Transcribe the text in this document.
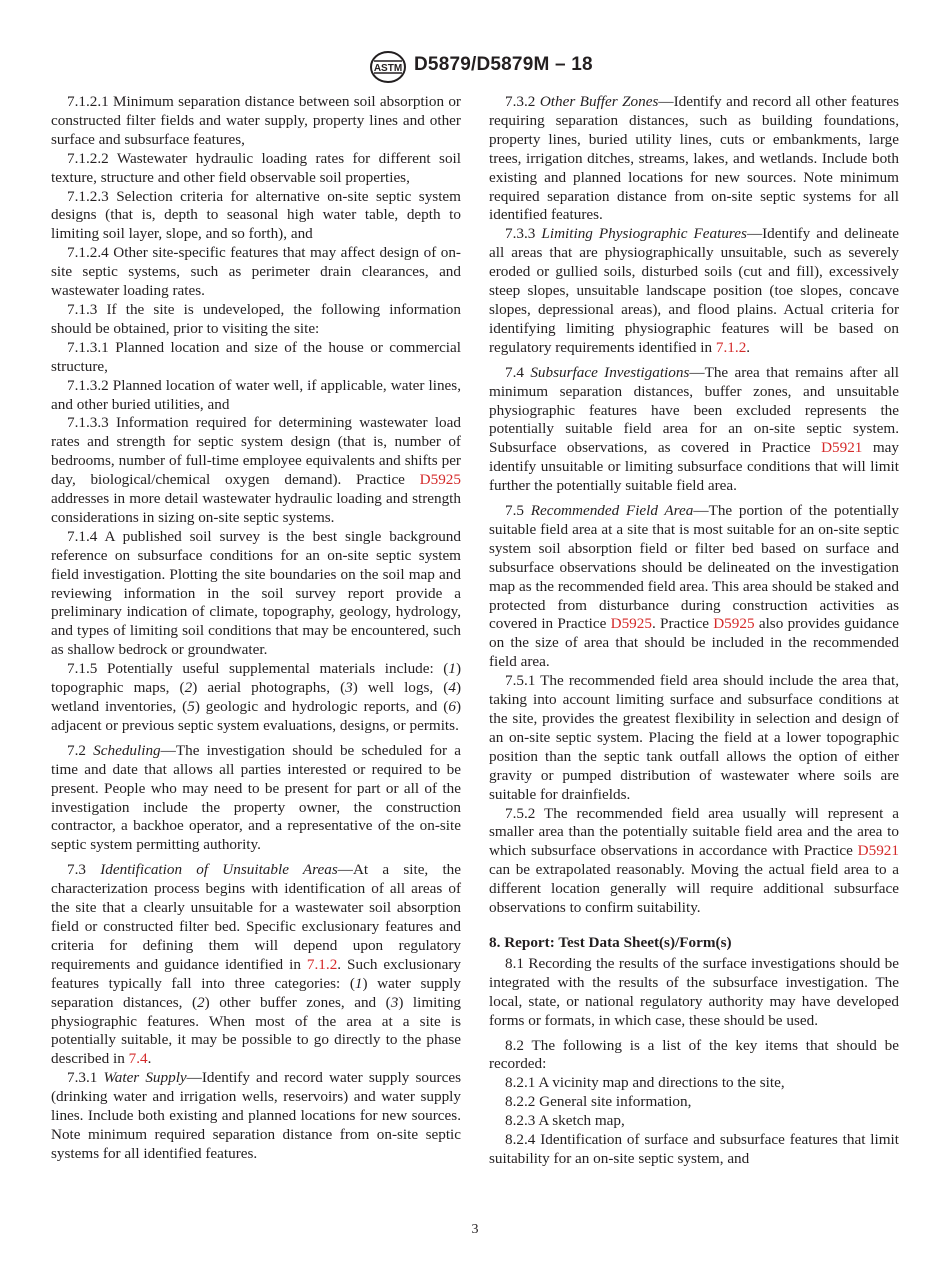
ASTM D5879/D5879M – 18

7.1.2.1 Minimum separation distance between soil absorption or constructed filter fields and water supply, property lines and other surface and subsurface features,

7.1.2.2 Wastewater hydraulic loading rates for different soil texture, structure and other field observable soil properties,

7.1.2.3 Selection criteria for alternative on-site septic system designs (that is, depth to seasonal high water table, depth to limiting soil layer, slope, and so forth), and

7.1.2.4 Other site-specific features that may affect design of on-site septic systems, such as perimeter drain clearances, and wastewater loading rates.

7.1.3 If the site is undeveloped, the following information should be obtained, prior to visiting the site:

7.1.3.1 Planned location and size of the house or commercial structure,

7.1.3.2 Planned location of water well, if applicable, water lines, and other buried utilities, and

7.1.3.3 Information required for determining wastewater load rates and strength for septic system design (that is, number of bedrooms, number of full-time employee equivalents and shifts per day, biological/chemical oxygen demand). Practice D5925 addresses in more detail wastewater hydraulic loading and strength considerations in sizing on-site septic systems.

7.1.4 A published soil survey is the best single background reference on subsurface conditions for an on-site septic system field investigation. Plotting the site boundaries on the soil map and reviewing information in the soil survey report provide a preliminary indication of climate, topography, geology, hydrology, and types of limiting soil conditions that may be encountered, such as shallow bedrock or groundwater.

7.1.5 Potentially useful supplemental materials include: (1) topographic maps, (2) aerial photographs, (3) well logs, (4) wetland inventories, (5) geologic and hydrologic reports, and (6) adjacent or previous septic system evaluations, designs, or permits.

7.2 Scheduling—The investigation should be scheduled for a time and date that allows all parties interested or required to be present. People who may need to be present for part or all of the investigation include the property owner, the construction contractor, a backhoe operator, and a representative of the on-site septic system permitting authority.

7.3 Identification of Unsuitable Areas—At a site, the characterization process begins with identification of all areas of the site that a clearly unsuitable for a wastewater soil absorption field or constructed filter bed. Specific exclusionary features and criteria for defining them will depend upon regulatory requirements and guidance identified in 7.1.2. Such exclusionary features typically fall into three categories: (1) water supply separation distances, (2) other buffer zones, and (3) limiting physiographic features. When most of the area at a site is potentially suitable, it may be possible to go directly to the phase described in 7.4.

7.3.1 Water Supply—Identify and record water supply sources (drinking water and irrigation wells, reservoirs) and water supply lines. Include both existing and planned locations for new sources. Note minimum required separation distance from on-site septic systems for all identified features.

7.3.2 Other Buffer Zones—Identify and record all other features requiring separation distances, such as building foundations, property lines, buried utility lines, cuts or embankments, large trees, irrigation ditches, streams, lakes, and wetlands. Include both existing and planned locations for new sources. Note minimum required separation distance from on-site septic systems for all identified features.

7.3.3 Limiting Physiographic Features—Identify and delineate all areas that are physiographically unsuitable, such as severely eroded or gullied soils, disturbed soils (cut and fill), excessively steep slopes, unsuitable landscape position (toe slopes, concave slopes, depressional areas), and flood plains. Actual criteria for identifying limiting physiographic features will be based on regulatory requirements identified in 7.1.2.

7.4 Subsurface Investigations—The area that remains after all minimum separation distances, buffer zones, and unsuitable physiographic features have been excluded represents the potentially suitable field area for an on-site septic system. Subsurface observations, as covered in Practice D5921 may identify unsuitable or limiting subsurface conditions that will limit further the potentially suitable field area.

7.5 Recommended Field Area—The portion of the potentially suitable field area at a site that is most suitable for an on-site septic system soil absorption field or filter bed based on surface and subsurface observations should be delineated on the investigation map as the recommended field area. This area should be staked and protected from disturbance during construction activities as covered in Practice D5925. Practice D5925 also provides guidance on the size of area that should be included in the recommended field area.

7.5.1 The recommended field area should include the area that, taking into account limiting surface and subsurface conditions at the site, provides the greatest flexibility in selection and design of an on-site septic system. Placing the field at a lower topographic position than the septic tank outfall allows the option of either gravity or pumped distribution of wastewater where soils are suitable for drainfields.

7.5.2 The recommended field area usually will represent a smaller area than the potentially suitable field area and the area to which subsurface observations in accordance with Practice D5921 can be extrapolated reasonably. Moving the actual field area to a different location generally will require additional subsurface observations to confirm suitability.

8. Report: Test Data Sheet(s)/Form(s)

8.1 Recording the results of the surface investigations should be integrated with the results of the subsurface investigation. The local, state, or national regulatory authority may have developed forms or formats, in which case, these should be used.

8.2 The following is a list of the key items that should be recorded:

8.2.1 A vicinity map and directions to the site,

8.2.2 General site information,

8.2.3 A sketch map,

8.2.4 Identification of surface and subsurface features that limit suitability for an on-site septic system, and

3
